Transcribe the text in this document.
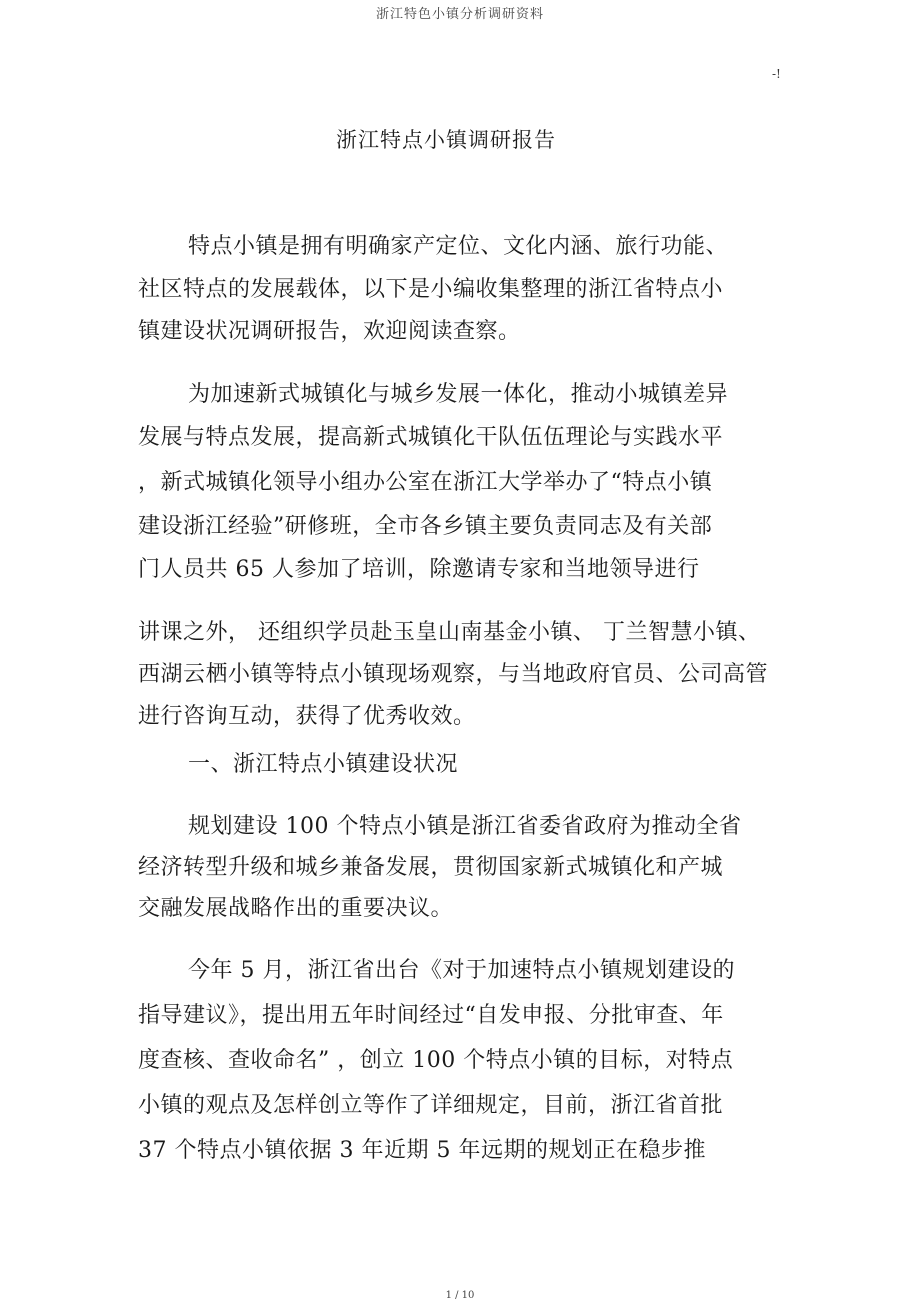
浙江特色小镇分析调研资料
-!
浙江特点小镇调研报告
特点小镇是拥有明确家产定位、文化内涵、旅行功能、
社区特点的发展载体，以下是小编收集整理的浙江省特点小
镇建设状况调研报告，欢迎阅读查察。
为加速新式城镇化与城乡发展一体化，推动小城镇差异
发展与特点发展，提高新式城镇化干队伍伍理论与实践水平
，新式城镇化领导小组办公室在浙江大学举办了“特点小镇
建设浙江经验”研修班，全市各乡镇主要负责同志及有关部
门人员共 65 人参加了培训，除邀请专家和当地领导进行
讲课之外， 还组织学员赴玉皇山南基金小镇、 丁兰智慧小镇、
西湖云栖小镇等特点小镇现场观察，与当地政府官员、公司高管
进行咨询互动，获得了优秀收效。
一、浙江特点小镇建设状况
规划建设 100 个特点小镇是浙江省委省政府为推动全省
经济转型升级和城乡兼备发展，贯彻国家新式城镇化和产城
交融发展战略作出的重要决议。
今年 5 月，浙江省出台《对于加速特点小镇规划建设的
指导建议》，提出用五年时间经过“自发申报、分批审查、年
度查核、查收命名” ，创立 100 个特点小镇的目标，对特点
小镇的观点及怎样创立等作了详细规定，目前，浙江省首批
37 个特点小镇依据 3 年近期 5 年远期的规划正在稳步推
1 / 10
